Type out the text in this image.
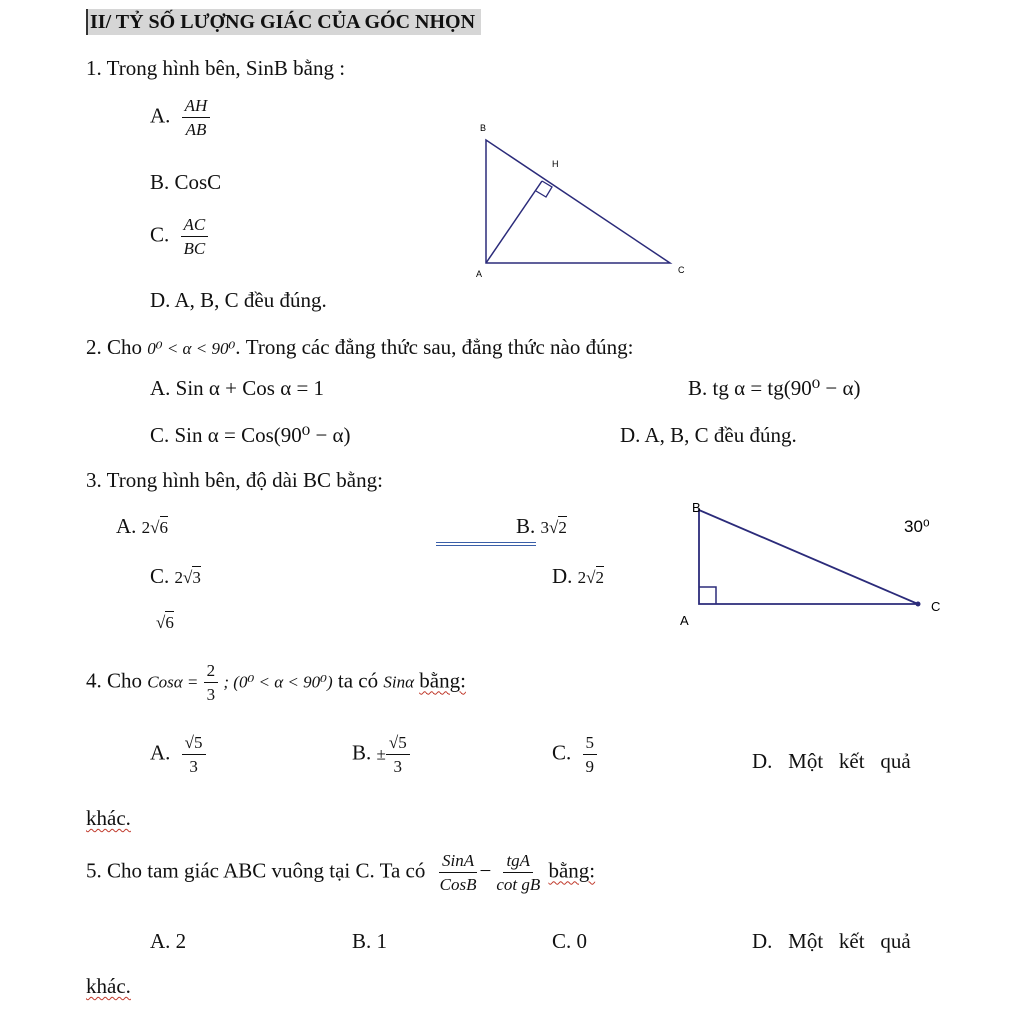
II/ TỶ SỐ LƯỢNG GIÁC CỦA GÓC NHỌN
1. Trong hình bên, SinB bằng :
A. $\frac{AH}{AB}$
B. CosC
C. $\frac{AC}{BC}$
D. A, B, C đều đúng.
B
H
A	C
2. Cho 0⁰ < α < 90⁰. Trong các đẳng thức sau, đẳng thức nào đúng:
A. Sin α + Cos α = 1	B. tg α = tg(90⁰ − α)
C. Sin α = Cos(90⁰ − α)	D. A, B, C đều đúng.
3. Trong hình bên, độ dài BC bằng:
A. 2√6	B. 3√2
C. 2√3	D. 2√2
√6
B
A
C
30⁰
4. Cho $Cos\alpha = \frac{2}{3}$ ; (0⁰ < α < 90⁰) ta có Sinα bằng:
A. $\frac{√5}{3}$	B. ± $\frac{√5}{3}$	C. $\frac{5}{9}$	D.   Một   kết   quả
khác.
5. Cho tam giác ABC vuông tại C. Ta có $\frac{\text{SinA}}{\text{CosB}} - \frac{\text{tgA}}{\text{cot gB}}$ bằng:
A. 2	B. 1	C. 0	D.   Một   kết   quả
khác.
